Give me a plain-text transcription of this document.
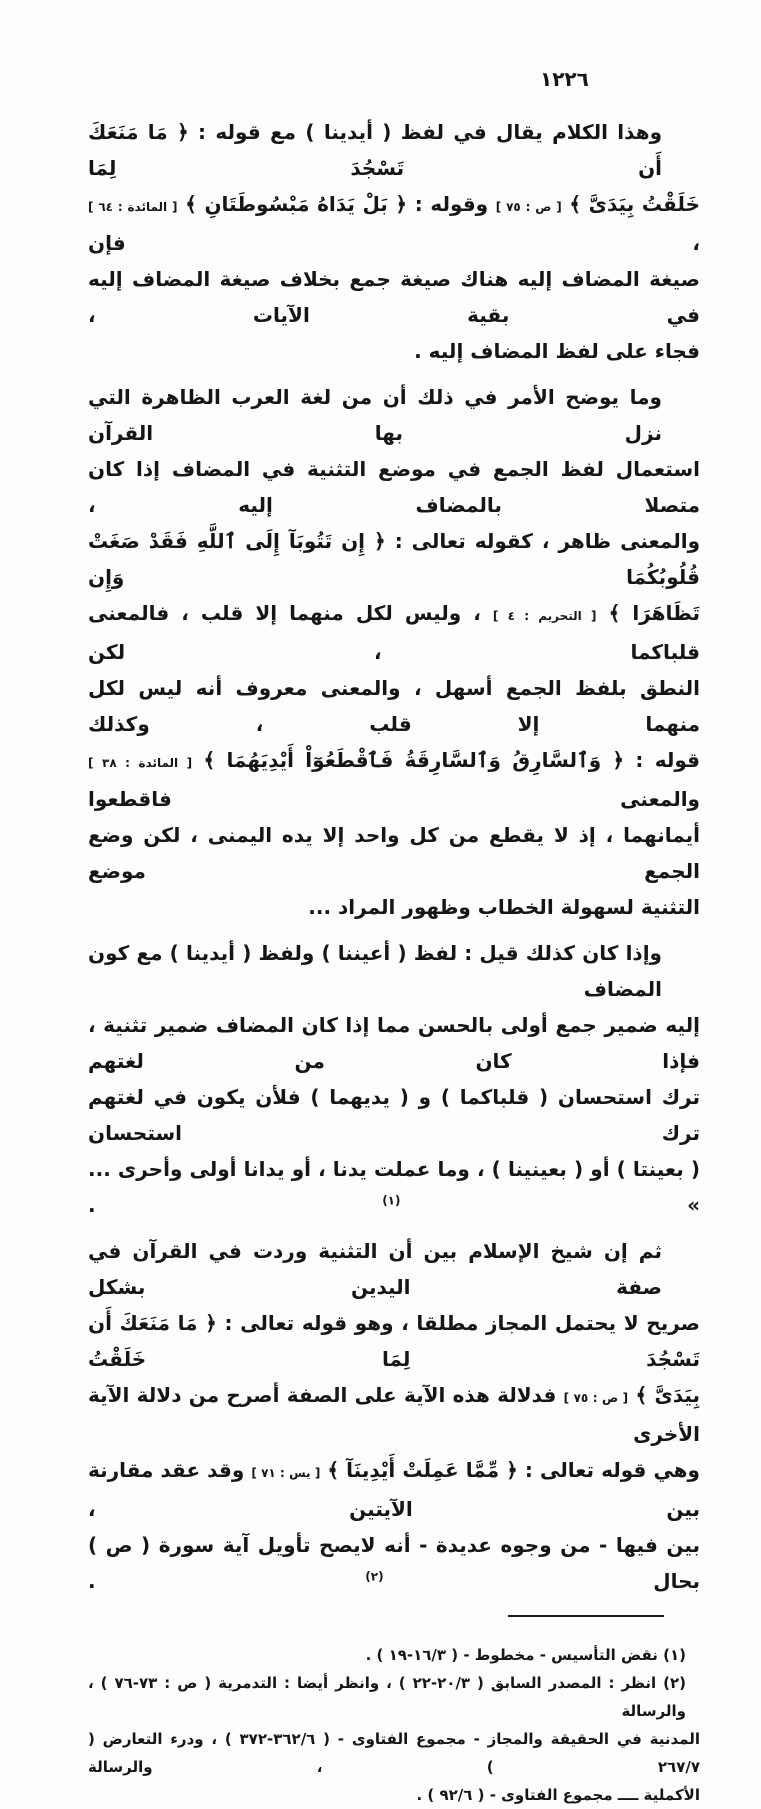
١٢٢٦
وهذا الكلام يقال في لفظ ( أيدينا ) مع قوله : ﴿ مَا مَنَعَكَ أَن تَسْجُدَ لِمَا
خَلَقْتُ بِيَدَىَّ ﴾ [ ص : ٧٥ ] وقوله : ﴿ بَلْ يَدَاهُ مَبْسُوطَتَانِ ﴾ [ المائدة : ٦٤ ] ، فإن
صيغة المضاف إليه هناك صيغة جمع بخلاف صيغة المضاف إليه في بقية الآيات ،
فجاء على لفظ المضاف إليه .
وما يوضح الأمر في ذلك أن من لغة العرب الظاهرة التي نزل بها القرآن
استعمال لفظ الجمع في موضع التثنية في المضاف إذا كان متصلا بالمضاف إليه ،
والمعنى ظاهر ، كقوله تعالى : ﴿ إِن تَتُوبَآ إِلَى ٱللَّهِ فَقَدْ صَغَتْ قُلُوبُكُمَا وَإِن
تَظَاهَرَا ﴾ [ التحريم : ٤ ] ، وليس لكل منهما إلا قلب ، فالمعنى قلباكما ، لكن
النطق بلفظ الجمع أسهل ، والمعنى معروف أنه ليس لكل منهما إلا قلب ، وكذلك
قوله : ﴿ وَٱلسَّارِقُ وَٱلسَّارِقَةُ فَٱقْطَعُوٓاْ أَيْدِيَهُمَا ﴾ [ المائدة : ٣٨ ] والمعنى فاقطعوا
أيمانهما ، إذ لا يقطع من كل واحد إلا يده اليمنى ، لكن وضع الجمع موضع
التثنية لسهولة الخطاب وظهور المراد ...
وإذا كان كذلك قيل : لفظ ( أعيننا ) ولفظ ( أيدينا ) مع كون المضاف
إليه ضمير جمع أولى بالحسن مما إذا كان المضاف ضمير تثنية ، فإذا كان من لغتهم
ترك استحسان ( قلباكما ) و ( يديهما ) فلأن يكون في لغتهم ترك استحسان
( بعينتا ) أو ( بعينينا ) ، وما عملت يدنا ، أو يدانا أولى وأحرى ... » $^{(١)}$ .
ثم إن شيخ الإسلام بين أن التثنية وردت في القرآن في صفة اليدين بشكل
صريح لا يحتمل المجاز مطلقا ، وهو قوله تعالى : ﴿ مَا مَنَعَكَ أَن تَسْجُدَ لِمَا خَلَقْتُ
بِيَدَىَّ ﴾ [ ص : ٧٥ ] فدلالة هذه الآية على الصفة أصرح من دلالة الآية الأخرى
وهي قوله تعالى : ﴿ مِّمَّا عَمِلَتْ أَيْدِينَآ ﴾ [ يس : ٧١ ] وقد عقد مقارنة بين الآيتين ،
بين فيها - من وجوه عديدة - أنه لايصح تأويل آية سورة ( ص ) بحال $^{(٢)}$ .
(١) نقض التأسيس - مخطوط - ( ١٦/٣-١٩ ) .
(٢) انظر : المصدر السابق ( ٢٠/٣-٢٢ ) ، وانظر أيضا : التدمرية ( ص : ٧٣-٧٦ ) ، والرسالة
المدنية في الحقيقة والمجاز - مجموع الفتاوى - ( ٣٦٢/٦-٣٧٢ ) ، ودرء التعارض ( ٢٦٧/٧ ) ، والرسالة
الأكملية ــــ مجموع الفتاوى - ( ٩٢/٦ ) .
